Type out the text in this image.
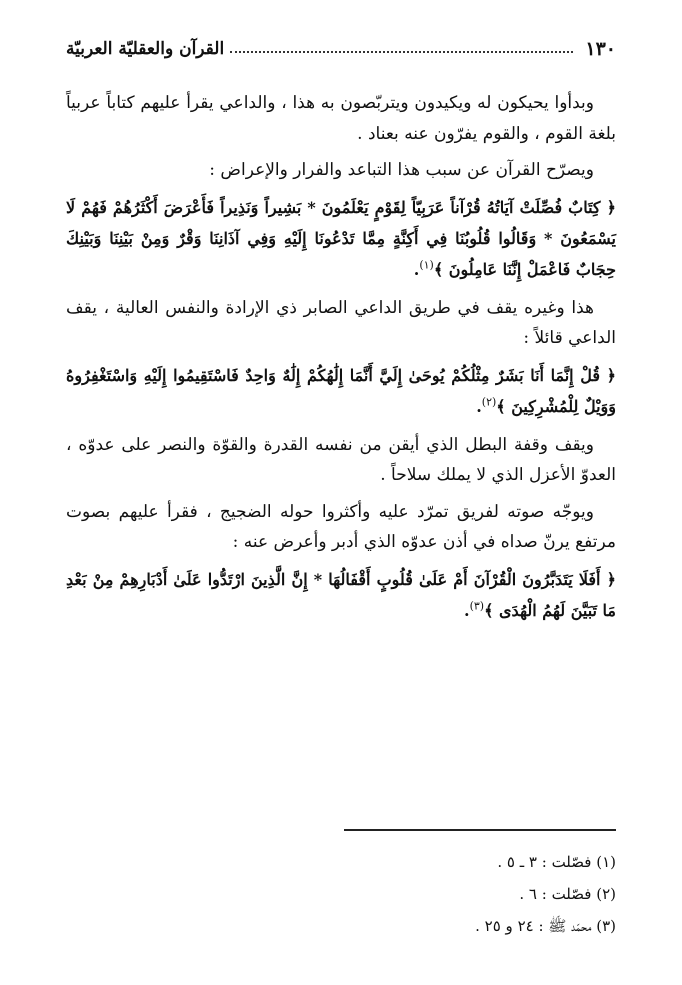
١٣٠
القرآن والعقليّة العربيّة

وبدأوا يحيكون له ويكيدون ويتربّصون به هذا ، والداعي يقرأ عليهم كتاباً عربياً بلغة القوم ، والقوم يفرّون عنه بعناد .

ويصرّح القرآن عن سبب هذا التباعد والفرار والإعراض :

﴿ كِتَابٌ فُصِّلَتْ آيَاتُهُ قُرْآناً عَرَبِيّاً لِقَوْمٍ يَعْلَمُونَ * بَشِيراً وَنَذِيراً فَأَعْرَضَ أَكْثَرُهُمْ فَهُمْ لَا يَسْمَعُونَ * وَقَالُوا قُلُوبُنَا فِي أَكِنَّةٍ مِمَّا تَدْعُونَا إِلَيْهِ وَفِي آذَانِنَا وَقْرٌ وَمِنْ بَيْنِنَا وَبَيْنِكَ حِجَابٌ فَاعْمَلْ إِنَّنَا عَامِلُونَ ﴾$^{(١)}$.

هذا وغيره يقف في طريق الداعي الصابر ذي الإرادة والنفس العالية ، يقف الداعي قائلاً :

﴿ قُلْ إِنَّمَا أَنَا بَشَرٌ مِثْلُكُمْ يُوحَىٰ إِلَيَّ أَنَّمَا إِلَٰهُكُمْ إِلَٰهٌ وَاحِدٌ فَاسْتَقِيمُوا إِلَيْهِ وَاسْتَغْفِرُوهُ وَوَيْلٌ لِلْمُشْرِكِينَ ﴾$^{(٢)}$.

ويقف وقفة البطل الذي أيقن من نفسه القدرة والقوّة والنصر على عدوّه ، العدوّ الأعزل الذي لا يملك سلاحاً .

ويوجّه صوته لفريق تمرّد عليه وأكثروا حوله الضجيج ، فقرأ عليهم بصوت مرتفع يرنّ صداه في أذن عدوّه الذي أدبر وأعرض عنه :

﴿ أَفَلَا يَتَدَبَّرُونَ الْقُرْآنَ أَمْ عَلَىٰ قُلُوبٍ أَقْفَالُهَا * إِنَّ الَّذِينَ ارْتَدُّوا عَلَىٰ أَدْبَارِهِمْ مِنْ بَعْدِ مَا تَبَيَّنَ لَهُمُ الْهُدَى ﴾$^{(٣)}$.

(١) فصّلت : ٣ ـ ٥ .

(٢) فصّلت : ٦ .

(٣) محمّد ﷺ : ٢٤ و ٢٥ .
